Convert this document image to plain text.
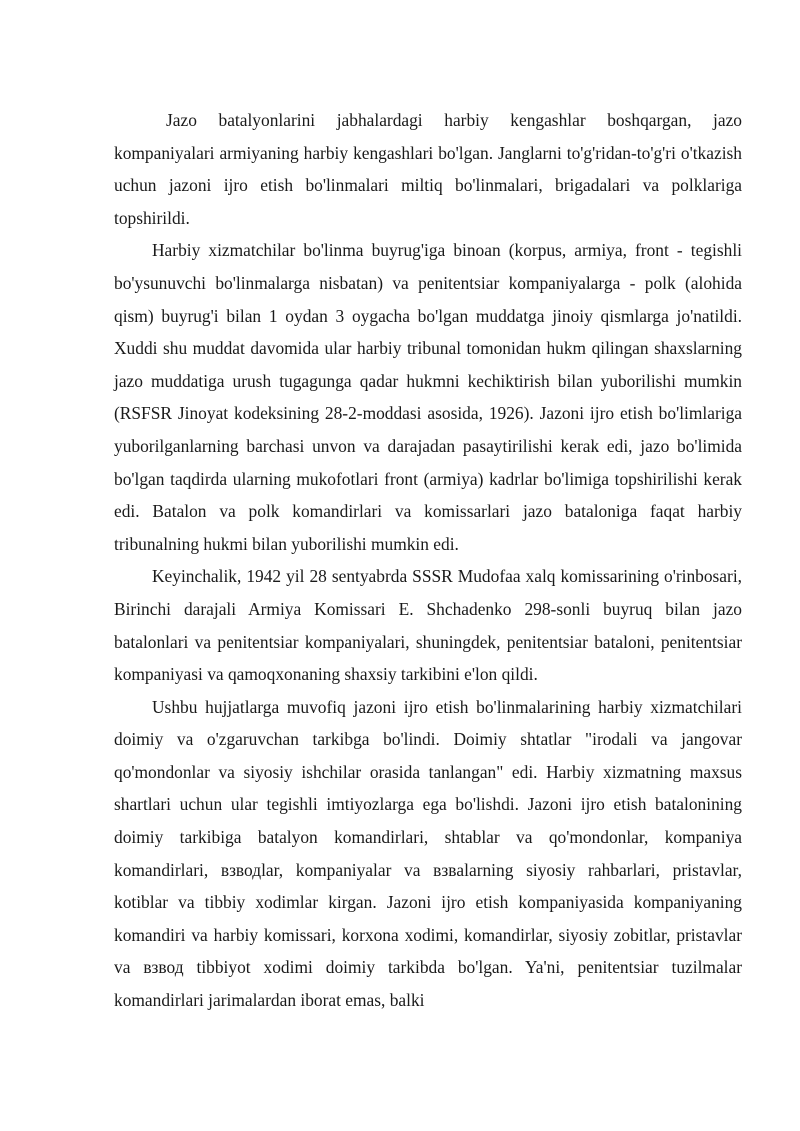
Jazo batalyonlarini jabhalardagi harbiy kengashlar boshqargan, jazo kompaniyalari armiyaning harbiy kengashlari bo'lgan. Janglarni to'g'ridan-to'g'ri o'tkazish uchun jazoni ijro etish bo'linmalari miltiq bo'linmalari, brigadalari va polklariga topshirildi.

Harbiy xizmatchilar bo'linma buyrug'iga binoan (korpus, armiya, front - tegishli bo'ysunuvchi bo'linmalarga nisbatan) va penitentsiar kompaniyalarga - polk (alohida qism) buyrug'i bilan 1 oydan 3 oygacha bo'lgan muddatga jinoiy qismlarga jo'natildi. Xuddi shu muddat davomida ular harbiy tribunal tomonidan hukm qilingan shaxslarning jazo muddatiga urush tugagunga qadar hukmni kechiktirish bilan yuborilishi mumkin (RSFSR Jinoyat kodeksining 28-2-moddasi asosida, 1926). Jazoni ijro etish bo'limlariga yuborilganlarning barchasi unvon va darajadan pasaytirilishi kerak edi, jazo bo'limida bo'lgan taqdirda ularning mukofotlari front (armiya) kadrlar bo'limiga topshirilishi kerak edi. Batalon va polk komandirlari va komissarlari jazo bataloniga faqat harbiy tribunalning hukmi bilan yuborilishi mumkin edi.

Keyinchalik, 1942 yil 28 sentyabrda SSSR Mudofaa xalq komissarining o'rinbosari, Birinchi darajali Armiya Komissari E. Shchadenko 298-sonli buyruq bilan jazo batalonlari va penitentsiar kompaniyalari, shuningdek, penitentsiar bataloni, penitentsiar kompaniyasi va qamoqxonaning shaxsiy tarkibini e'lon qildi.

Ushbu hujjatlarga muvofiq jazoni ijro etish bo'linmalarining harbiy xizmatchilari doimiy va o'zgaruvchan tarkibga bo'lindi. Doimiy shtatlar "irodali va jangovar qo'mondonlar va siyosiy ishchilar orasida tanlangan" edi. Harbiy xizmatning maxsus shartlari uchun ular tegishli imtiyozlarga ega bo'lishdi. Jazoni ijro etish batalonining doimiy tarkibiga batalyon komandirlari, shtablar va qo'mondonlar, kompaniya komandirlari, взводlar, kompaniyalar va взвalarning siyosiy rahbarlari, pristavlar, kotiblar va tibbiy xodimlar kirgan. Jazoni ijro etish kompaniyasida kompaniyaning komandiri va harbiy komissari, korxona xodimi, komandirlar, siyosiy zobitlar, pristavlar va взвод tibbiyot xodimi doimiy tarkibda bo'lgan. Ya'ni, penitentsiar tuzilmalar komandirlari jarimalardan iborat emas, balki
